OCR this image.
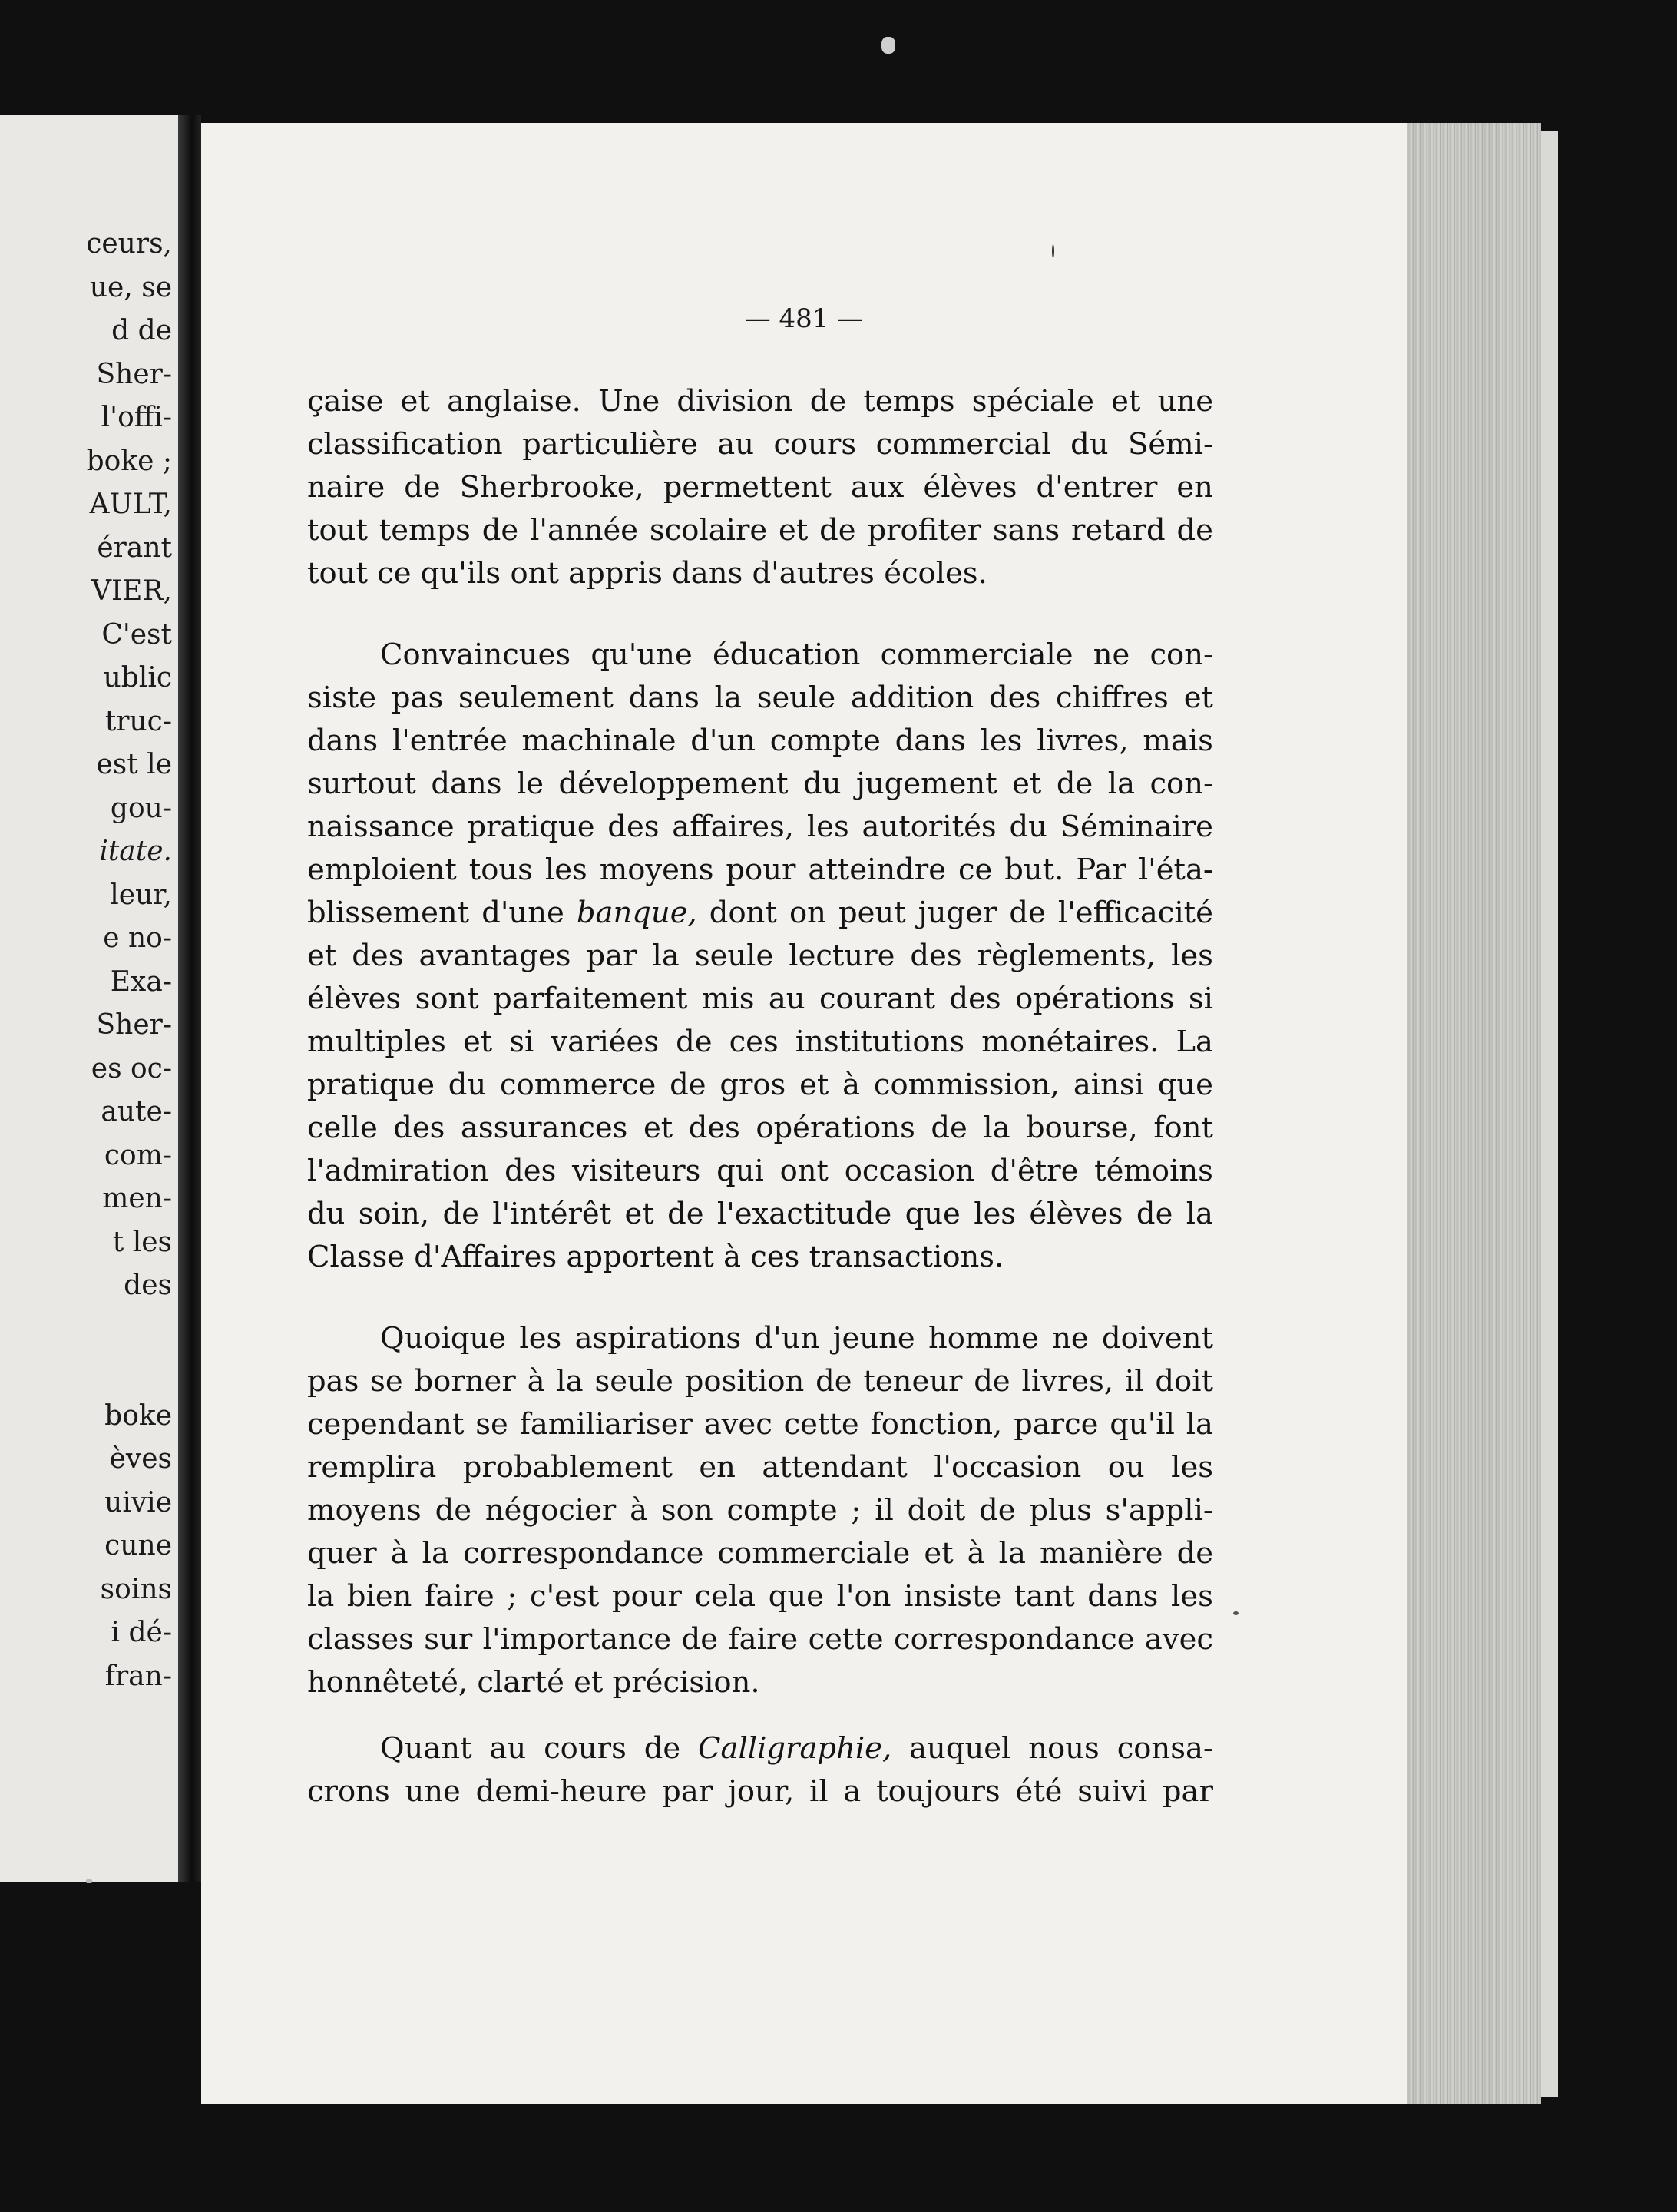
ceurs,
ue, se
d de
Sher-
l'offi-
boke ;
AULT,
érant
VIER,
C'est
ublic
truc-
est le
gou-
itate.
leur,
e no-
Exa-
Sher-
es oc-
aute-
com-
men-
t les
des
boke
èves
uivie
cune
soins
i dé-
fran-
— 481 —
çaise et anglaise. Une division de temps spéciale et une
classification particulière au cours commercial du Sémi-
naire de Sherbrooke, permettent aux élèves d'entrer en
tout temps de l'année scolaire et de profiter sans retard de
tout ce qu'ils ont appris dans d'autres écoles.
Convaincues qu'une éducation commerciale ne con-
siste pas seulement dans la seule addition des chiffres et
dans l'entrée machinale d'un compte dans les livres, mais
surtout dans le développement du jugement et de la con-
naissance pratique des affaires, les autorités du Séminaire
emploient tous les moyens pour atteindre ce but. Par l'éta-
blissement d'une banque, dont on peut juger de l'efficacité
et des avantages par la seule lecture des règlements, les
élèves sont parfaitement mis au courant des opérations si
multiples et si variées de ces institutions monétaires. La
pratique du commerce de gros et à commission, ainsi que
celle des assurances et des opérations de la bourse, font
l'admiration des visiteurs qui ont occasion d'être témoins
du soin, de l'intérêt et de l'exactitude que les élèves de la
Classe d'Affaires apportent à ces transactions.
Quoique les aspirations d'un jeune homme ne doivent
pas se borner à la seule position de teneur de livres, il doit
cependant se familiariser avec cette fonction, parce qu'il la
remplira probablement en attendant l'occasion ou les
moyens de négocier à son compte ; il doit de plus s'appli-
quer à la correspondance commerciale et à la manière de
la bien faire ; c'est pour cela que l'on insiste tant dans les
classes sur l'importance de faire cette correspondance avec
honnêteté, clarté et précision.
Quant au cours de Calligraphie, auquel nous consa-
crons une demi-heure par jour, il a toujours été suivi par
